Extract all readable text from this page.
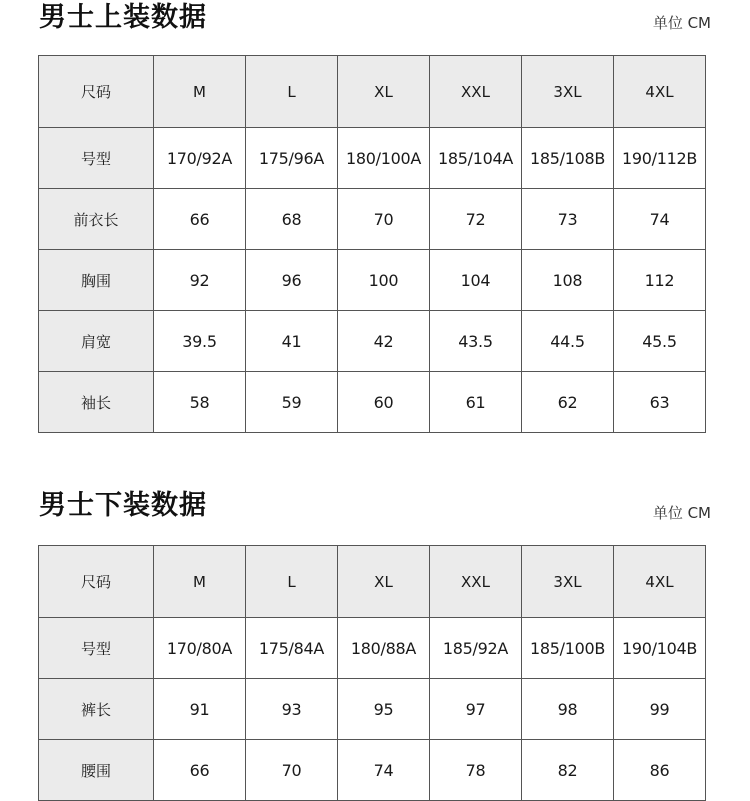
男士上装数据	单位 CM
尺码	M	L	XL	XXL	3XL	4XL
号型	170/92A	175/96A	180/100A	185/104A	185/108B	190/112B
前衣长	66	68	70	72	73	74
胸围	92	96	100	104	108	112
肩宽	39.5	41	42	43.5	44.5	45.5
袖长	58	59	60	61	62	63
男士下装数据	单位 CM
尺码	M	L	XL	XXL	3XL	4XL
号型	170/80A	175/84A	180/88A	185/92A	185/100B	190/104B
裤长	91	93	95	97	98	99
腰围	66	70	74	78	82	86
